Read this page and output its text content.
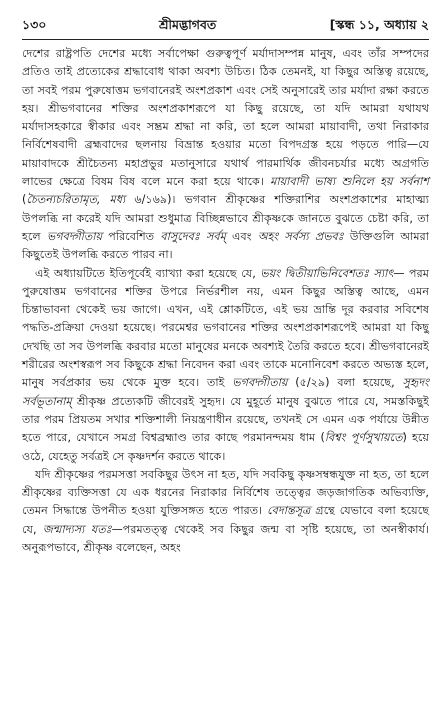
১৩০	শ্রীমদ্ভাগবত	[স্কন্ধ ১১, অধ্যায় ২

দেশের রাষ্ট্রপতি দেশের মধ্যে সর্বাপেক্ষা গুরুত্বপূর্ণ মর্যাদাসম্পন্ন মানুষ, এবং তাঁর সম্পদের প্রতিও তাই প্রত্যেকের শ্রদ্ধাবোধ থাকা অবশ্য উচিত। ঠিক তেমনই, যা কিছুর অস্তিত্ব রয়েছে, তা সবই পরম পুরুষোত্তম ভগবানেরই অংশপ্রকাশ এবং সেই অনুসারেই তার মর্যাদা রক্ষা করতে হয়। শ্রীভগবানের শক্তির অংশপ্রকাশরূপে যা কিছু রয়েছে, তা যদি আমরা যথাযথ মর্যাদাসহকারে স্বীকার এবং সম্ভ্রম শ্রদ্ধা না করি, তা হলে আমরা মায়াবাদী, তথা নিরাকার নির্বিশেষবাদী ব্রহ্মবাদের ছলনায় বিভ্রান্ত হওয়ার মতো বিপদগ্রস্ত হয়ে পড়তে পারি—যে মায়াবাদকে শ্রীচৈতন্য মহাপ্রভুর মতানুসারে যথার্থ পারমার্থিক জীবনচর্যার মধ্যে অগ্রগতি লাভের ক্ষেত্রে বিষম বিষ বলে মনে করা হয়ে থাকে। মায়াবাদী ভাষ্য শুনিলে হয় সর্বনাশ (চৈতন্যচরিতামৃত, মধ্য ৬/১৬৯)। ভগবান শ্রীকৃষ্ণের শক্তিরাশির অংশপ্রকাশের মাহাত্ম্য উপলব্ধি না করেই যদি আমরা শুধুমাত্র বিচ্ছিন্নভাবে শ্রীকৃষ্ণকে জানতে বুঝতে চেষ্টা করি, তা হলে ভগবদ্গীতায় পরিবেশিত বাসুদেবঃ সর্বম্ এবং অহং সর্বস্য প্রভবঃ উক্তিগুলি আমরা কিছুতেই উপলব্ধি করতে পারব না।

এই অধ্যায়টিতে ইতিপূর্বেই ব্যাখ্যা করা হয়েছে যে, ভয়ং দ্বিতীয়াভিনিবেশতঃ স্যাৎ— পরম পুরুষোত্তম ভগবানের শক্তির উপরে নির্ভরশীল নয়, এমন কিছুর অস্তিত্ব আছে, এমন চিন্তাভাবনা থেকেই ভয় জাগে। এখন, এই শ্লোকটিতে, এই ভয় ভ্রান্তি দূর করবার সবিশেষ পদ্ধতি-প্রক্রিয়া দেওয়া হয়েছে। পরমেশ্বর ভগবানের শক্তির অংশপ্রকাশরূপেই আমরা যা কিছু দেখছি তা সব উপলব্ধি করবার মতো মানুষের মনকে অবশ্যই তৈরি করতে হবে। শ্রীভগবানেরই শরীরের অংশস্বরূপ সব কিছুকে শ্রদ্ধা নিবেদন করা এবং তাকে মনোনিবেশ করতে অভ্যস্ত হলে, মানুষ সর্বপ্রকার ভয় থেকে মুক্ত হবে। তাই ভগবদ্গীতায় (৫/২৯) বলা হয়েছে, সুহৃদং সর্বভূতানাম্ শ্রীকৃষ্ণ প্রত্যেকটি জীবেরই সুহৃদ। যে মুহূর্তে মানুষ বুঝতে পারে যে, সমস্তকিছুই তার পরম প্রিয়তম সখার শক্তিশালী নিয়ন্ত্রণাধীন রয়েছে, তখনই সে এমন এক পর্যায়ে উন্নীত হতে পারে, যেখানে সমগ্র বিশ্বব্রহ্মাণ্ড তার কাছে পরমানন্দময় ধাম (বিশ্বং পূর্ণসুখায়তে) হয়ে ওঠে, যেহেতু সর্বত্রই সে কৃষ্ণদর্শন করতে থাকে।

যদি শ্রীকৃষ্ণের পরমসত্তা সবকিছুর উৎস না হত, যদি সবকিছু কৃষ্ণসম্বন্ধযুক্ত না হত, তা হলে শ্রীকৃষ্ণের ব্যক্তিসত্তা যে এক ধরনের নিরাকার নির্বিশেষ তত্ত্বের জড়জাগতিক অভিব্যক্তি, তেমন সিদ্ধান্তে উপনীত হওয়া যুক্তিসঙ্গত হতে পারত। বেদান্তসূত্র গ্রন্থে যেভাবে বলা হয়েছে যে, জন্মাদ্যস্য যতঃ—পরমতত্ত্ব থেকেই সব কিছুর জন্ম বা সৃষ্টি হয়েছে, তা অনস্বীকার্য। অনুরূপভাবে, শ্রীকৃষ্ণ বলেছেন, অহং
